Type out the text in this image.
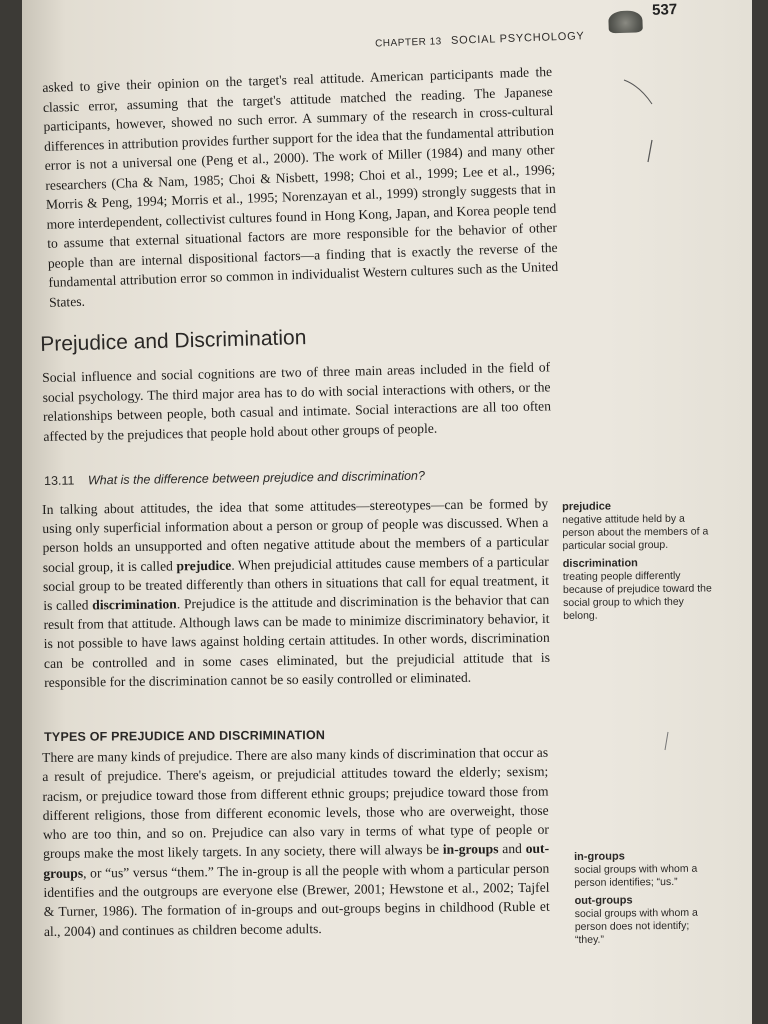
CHAPTER 13 SOCIAL PSYCHOLOGY
537
asked to give their opinion on the target's real attitude. American participants made the classic error, assuming that the target's attitude matched the reading. The Japanese participants, however, showed no such error. A summary of the research in cross-cultural differences in attribution provides further support for the idea that the fundamental attribution error is not a universal one (Peng et al., 2000). The work of Miller (1984) and many other researchers (Cha & Nam, 1985; Choi & Nisbett, 1998; Choi et al., 1999; Lee et al., 1996; Morris & Peng, 1994; Morris et al., 1995; Norenzayan et al., 1999) strongly suggests that in more interdependent, collectivist cultures found in Hong Kong, Japan, and Korea people tend to assume that external situational factors are more responsible for the behavior of other people than are internal dispositional factors—a finding that is exactly the reverse of the fundamental attribution error so common in individualist Western cultures such as the United States.
Prejudice and Discrimination
Social influence and social cognitions are two of three main areas included in the field of social psychology. The third major area has to do with social interactions with others, or the relationships between people, both casual and intimate. Social interactions are all too often affected by the prejudices that people hold about other groups of people.
13.11 What is the difference between prejudice and discrimination?
In talking about attitudes, the idea that some attitudes—stereotypes—can be formed by using only superficial information about a person or group of people was discussed. When a person holds an unsupported and often negative attitude about the members of a particular social group, it is called prejudice. When prejudicial attitudes cause members of a particular social group to be treated differently than others in situations that call for equal treatment, it is called discrimination. Prejudice is the attitude and discrimination is the behavior that can result from that attitude. Although laws can be made to minimize discriminatory behavior, it is not possible to have laws against holding certain attitudes. In other words, discrimination can be controlled and in some cases eliminated, but the prejudicial attitude that is responsible for the discrimination cannot be so easily controlled or eliminated.
TYPES OF PREJUDICE AND DISCRIMINATION
There are many kinds of prejudice. There are also many kinds of discrimination that occur as a result of prejudice. There's ageism, or prejudicial attitudes toward the elderly; sexism; racism, or prejudice toward those from different ethnic groups; prejudice toward those from different religions, those from different economic levels, those who are overweight, those who are too thin, and so on. Prejudice can also vary in terms of what type of people or groups make the most likely targets. In any society, there will always be in-groups and out-groups, or “us” versus “them.” The in-group is all the people with whom a particular person identifies and the outgroups are everyone else (Brewer, 2001; Hewstone et al., 2002; Tajfel & Turner, 1986). The formation of in-groups and out-groups begins in childhood (Ruble et al., 2004) and continues as children become adults.
prejudice
negative attitude held by a person about the members of a particular social group.
discrimination
treating people differently because of prejudice toward the social group to which they belong.
in-groups
social groups with whom a person identifies; “us.”
out-groups
social groups with whom a person does not identify; “they.”
